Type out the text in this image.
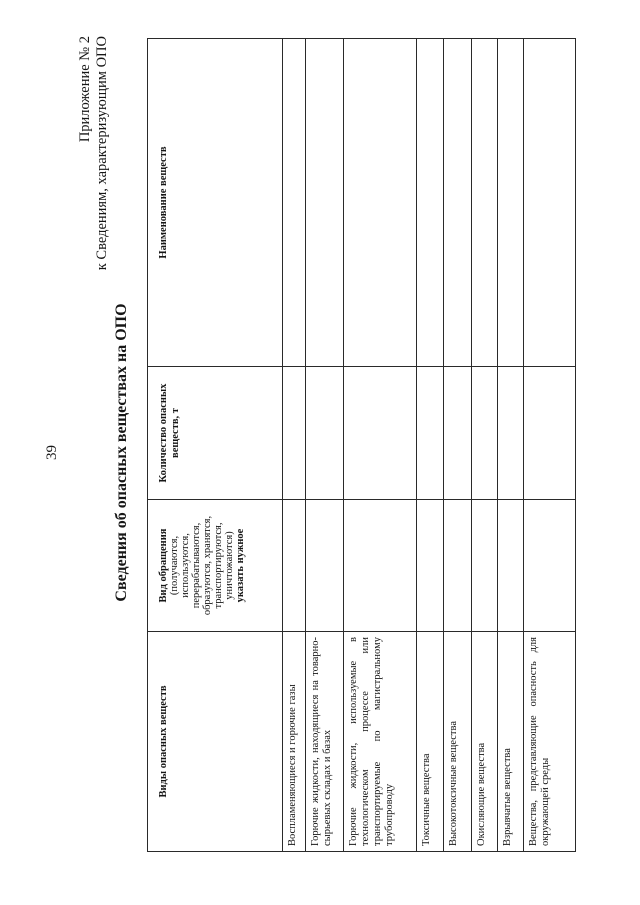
39

Приложение № 2 к Сведениям, характеризующим ОПО

Сведения об опасных веществах на ОПО

Виды опасных веществ	Вид обращения (получаются, используются, перерабатываются, образуются, хранятся, транспортируются, уничтожаются) указать нужное	Количество опасных веществ, т	Наименование веществ
Воспламеняющиеся и горючие газы			
Горючие жидкости, находящиеся на товарно-сырьевых складах и базах			
Горючие жидкости, используемые в технологическом процессе или транспортируемые по магистральному трубопроводу			
Токсичные вещества			
Высокотоксичные вещества			
Окисляющие вещества			
Взрывчатые вещества			
Вещества, представляющие опасность для окружающей среды			
